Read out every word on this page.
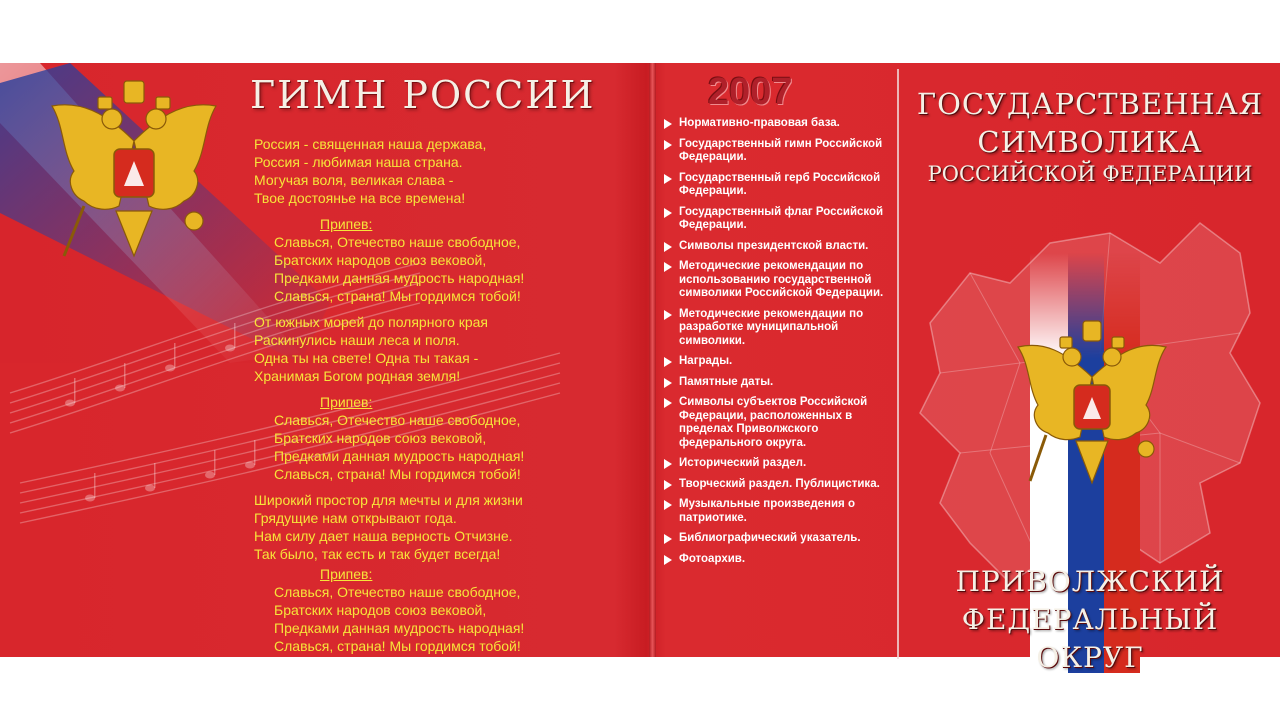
ГИМН РОССИИ
Россия - священная наша держава,
Россия - любимая наша страна.
Могучая воля, великая слава -
Твое достоянье на все времена!
Припев:
Славься, Отечество наше свободное,
Братских народов союз вековой,
Предками данная мудрость народная!
Славься, страна! Мы гордимся тобой!
От южных морей до полярного края
Раскинулись наши леса и поля.
Одна ты на свете! Одна ты такая -
Хранимая Богом родная земля!
Припев:
Славься, Отечество наше свободное,
Братских народов союз вековой,
Предками данная мудрость народная!
Славься, страна! Мы гордимся тобой!
Широкий простор для мечты и для жизни
Грядущие нам открывают года.
Нам силу дает наша верность Отчизне.
Так было, так есть и так будет всегда!
Припев:
Славься, Отечество наше свободное,
Братских народов союз вековой,
Предками данная мудрость народная!
Славься, страна! Мы гордимся тобой!
2007
Нормативно-правовая база.
Государственный гимн Российской Федерации.
Государственный герб Российской Федерации.
Государственный флаг Российской Федерации.
Символы президентской власти.
Методические рекомендации по использованию государственной символики Российской Федерации.
Методические рекомендации по разработке муниципальной символики.
Награды.
Памятные даты.
Символы субъектов Российской Федерации, расположенных в пределах Приволжского федерального округа.
Исторический раздел.
Творческий раздел. Публицистика.
Музыкальные произведения о патриотике.
Библиографический указатель.
Фотоархив.
ГОСУДАРСТВЕННАЯ
СИМВОЛИКА
РОССИЙСКОЙ ФЕДЕРАЦИИ
ПРИВОЛЖСКИЙ
ФЕДЕРАЛЬНЫЙ
ОКРУГ
